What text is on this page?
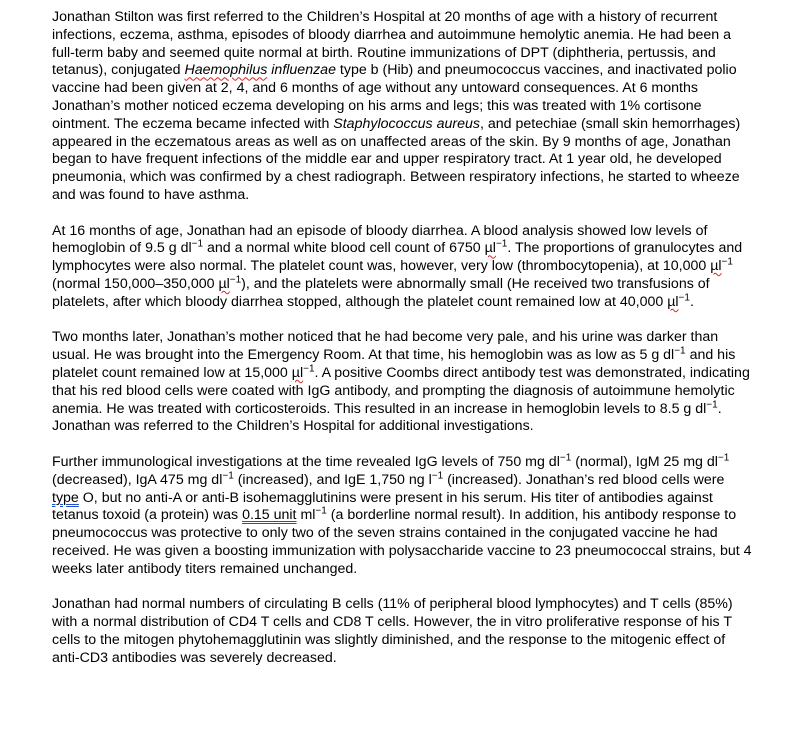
Jonathan Stilton was first referred to the Children’s Hospital at 20 months of age with a history of recurrent infections, eczema, asthma, episodes of bloody diarrhea and autoimmune hemolytic anemia. He had been a full-term baby and seemed quite normal at birth. Routine immunizations of DPT (diphtheria, pertussis, and tetanus), conjugated Haemophilus influenzae type b (Hib) and pneumococcus vaccines, and inactivated polio vaccine had been given at 2, 4, and 6 months of age without any untoward consequences. At 6 months Jonathan’s mother noticed eczema developing on his arms and legs; this was treated with 1% cortisone ointment. The eczema became infected with Staphylococcus aureus, and petechiae (small skin hemorrhages) appeared in the eczematous areas as well as on unaffected areas of the skin. By 9 months of age, Jonathan began to have frequent infections of the middle ear and upper respiratory tract. At 1 year old, he developed pneumonia, which was confirmed by a chest radiograph. Between respiratory infections, he started to wheeze and was found to have asthma.

At 16 months of age, Jonathan had an episode of bloody diarrhea. A blood analysis showed low levels of hemoglobin of 9.5 g $dl^{-1}$ and a normal white blood cell count of 6750 µl$^{-1}$. The proportions of granulocytes and lymphocytes were also normal. The platelet count was, however, very low (thrombocytopenia), at 10,000 µl$^{-1}$ (normal 150,000–350,000 µl$^{-1}$), and the platelets were abnormally small (He received two transfusions of platelets, after which bloody diarrhea stopped, although the platelet count remained low at 40,000 µl$^{-1}$.

Two months later, Jonathan’s mother noticed that he had become very pale, and his urine was darker than usual. He was brought into the Emergency Room. At that time, his hemoglobin was as low as 5 g $dl^{-1}$ and his platelet count remained low at 15,000 µl$^{-1}$. A positive Coombs direct antibody test was demonstrated, indicating that his red blood cells were coated with IgG antibody, and prompting the diagnosis of autoimmune hemolytic anemia. He was treated with corticosteroids. This resulted in an increase in hemoglobin levels to 8.5 g $dl^{-1}$. Jonathan was referred to the Children’s Hospital for additional investigations.

Further immunological investigations at the time revealed IgG levels of 750 mg $dl^{-1}$ (normal), IgM 25 mg $dl^{-1}$ (decreased), IgA 475 mg $dl^{-1}$ (increased), and IgE 1,750 ng $l^{-1}$ (increased). Jonathan’s red blood cells were type O, but no anti-A or anti-B isohemagglutinins were present in his serum. His titer of antibodies against tetanus toxoid (a protein) was 0.15 unit $ml^{-1}$ (a borderline normal result). In addition, his antibody response to pneumococcus was protective to only two of the seven strains contained in the conjugated vaccine he had received. He was given a boosting immunization with polysaccharide vaccine to 23 pneumococcal strains, but 4 weeks later antibody titers remained unchanged.

Jonathan had normal numbers of circulating B cells (11% of peripheral blood lymphocytes) and T cells (85%) with a normal distribution of CD4 T cells and CD8 T cells. However, the in vitro proliferative response of his T cells to the mitogen phytohemagglutinin was slightly diminished, and the response to the mitogenic effect of anti-CD3 antibodies was severely decreased.
